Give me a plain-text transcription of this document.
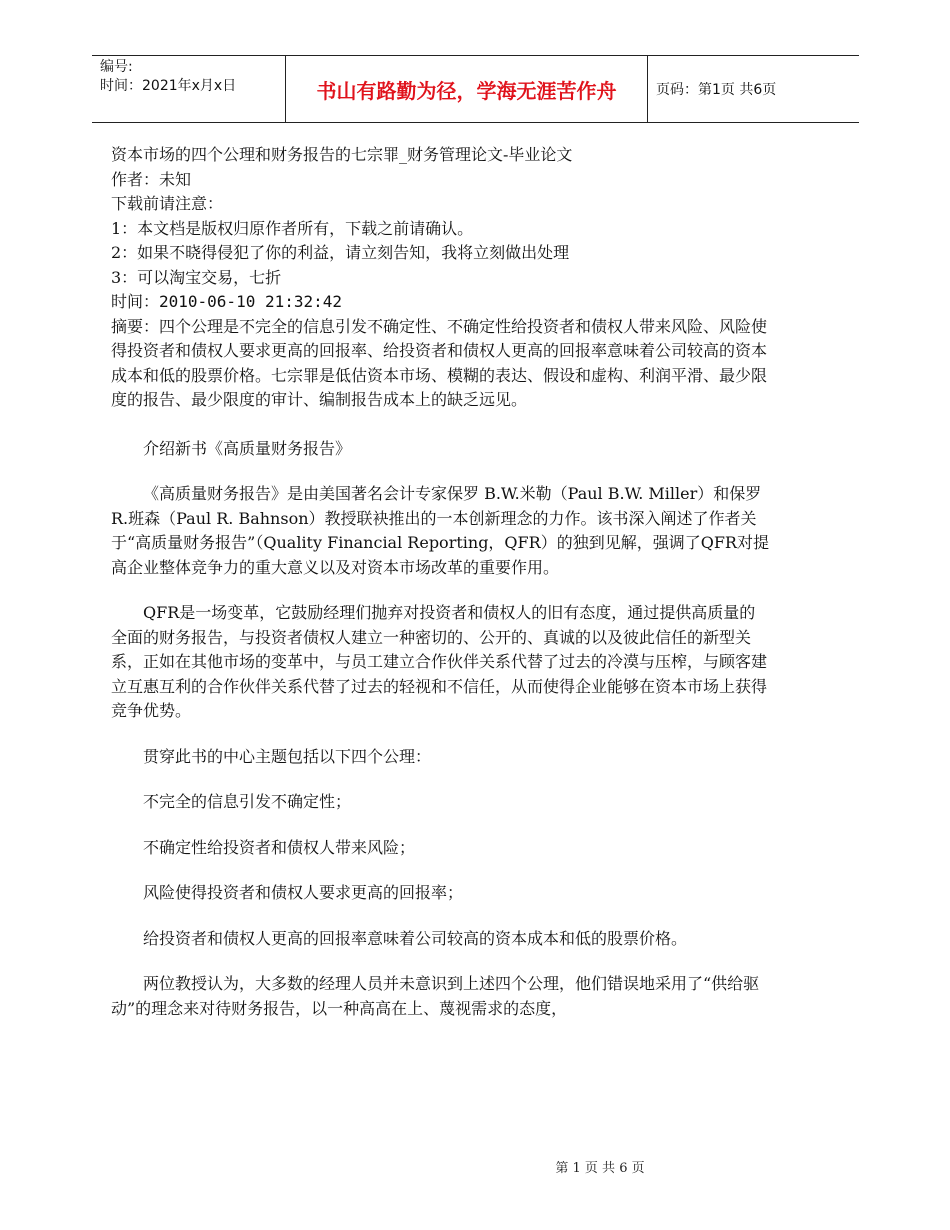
编号:
时间：2021年x月x日	书山有路勤为径，学海无涯苦作舟	页码：第1页 共6页

资本市场的四个公理和财务报告的七宗罪_财务管理论文-毕业论文

作者：未知

下载前请注意：

1：本文档是版权归原作者所有，下载之前请确认。

2：如果不晓得侵犯了你的利益，请立刻告知，我将立刻做出处理

3：可以淘宝交易，七折

时间：2010-06-10 21:32:42

摘要：四个公理是不完全的信息引发不确定性、不确定性给投资者和债权人带来风险、风险使得投资者和债权人要求更高的回报率、给投资者和债权人更高的回报率意味着公司较高的资本成本和低的股票价格。七宗罪是低估资本市场、模糊的表达、假设和虚构、利润平滑、最少限度的报告、最少限度的审计、编制报告成本上的缺乏远见。

介绍新书《高质量财务报告》

《高质量财务报告》是由美国著名会计专家保罗 B.W.米勒（Paul B.W. Miller）和保罗 R.班森（Paul R. Bahnson）教授联袂推出的一本创新理念的力作。该书深入阐述了作者关于“高质量财务报告”（Quality Financial Reporting，QFR）的独到见解，强调了QFR对提高企业整体竞争力的重大意义以及对资本市场改革的重要作用。

QFR是一场变革，它鼓励经理们抛弃对投资者和债权人的旧有态度，通过提供高质量的全面的财务报告，与投资者债权人建立一种密切的、公开的、真诚的以及彼此信任的新型关系，正如在其他市场的变革中，与员工建立合作伙伴关系代替了过去的冷漠与压榨，与顾客建立互惠互利的合作伙伴关系代替了过去的轻视和不信任，从而使得企业能够在资本市场上获得竞争优势。

贯穿此书的中心主题包括以下四个公理：

不完全的信息引发不确定性；

不确定性给投资者和债权人带来风险；

风险使得投资者和债权人要求更高的回报率；

给投资者和债权人更高的回报率意味着公司较高的资本成本和低的股票价格。

两位教授认为，大多数的经理人员并未意识到上述四个公理，他们错误地采用了“供给驱动”的理念来对待财务报告，以一种高高在上、蔑视需求的态度，

第 1 页 共 6 页
